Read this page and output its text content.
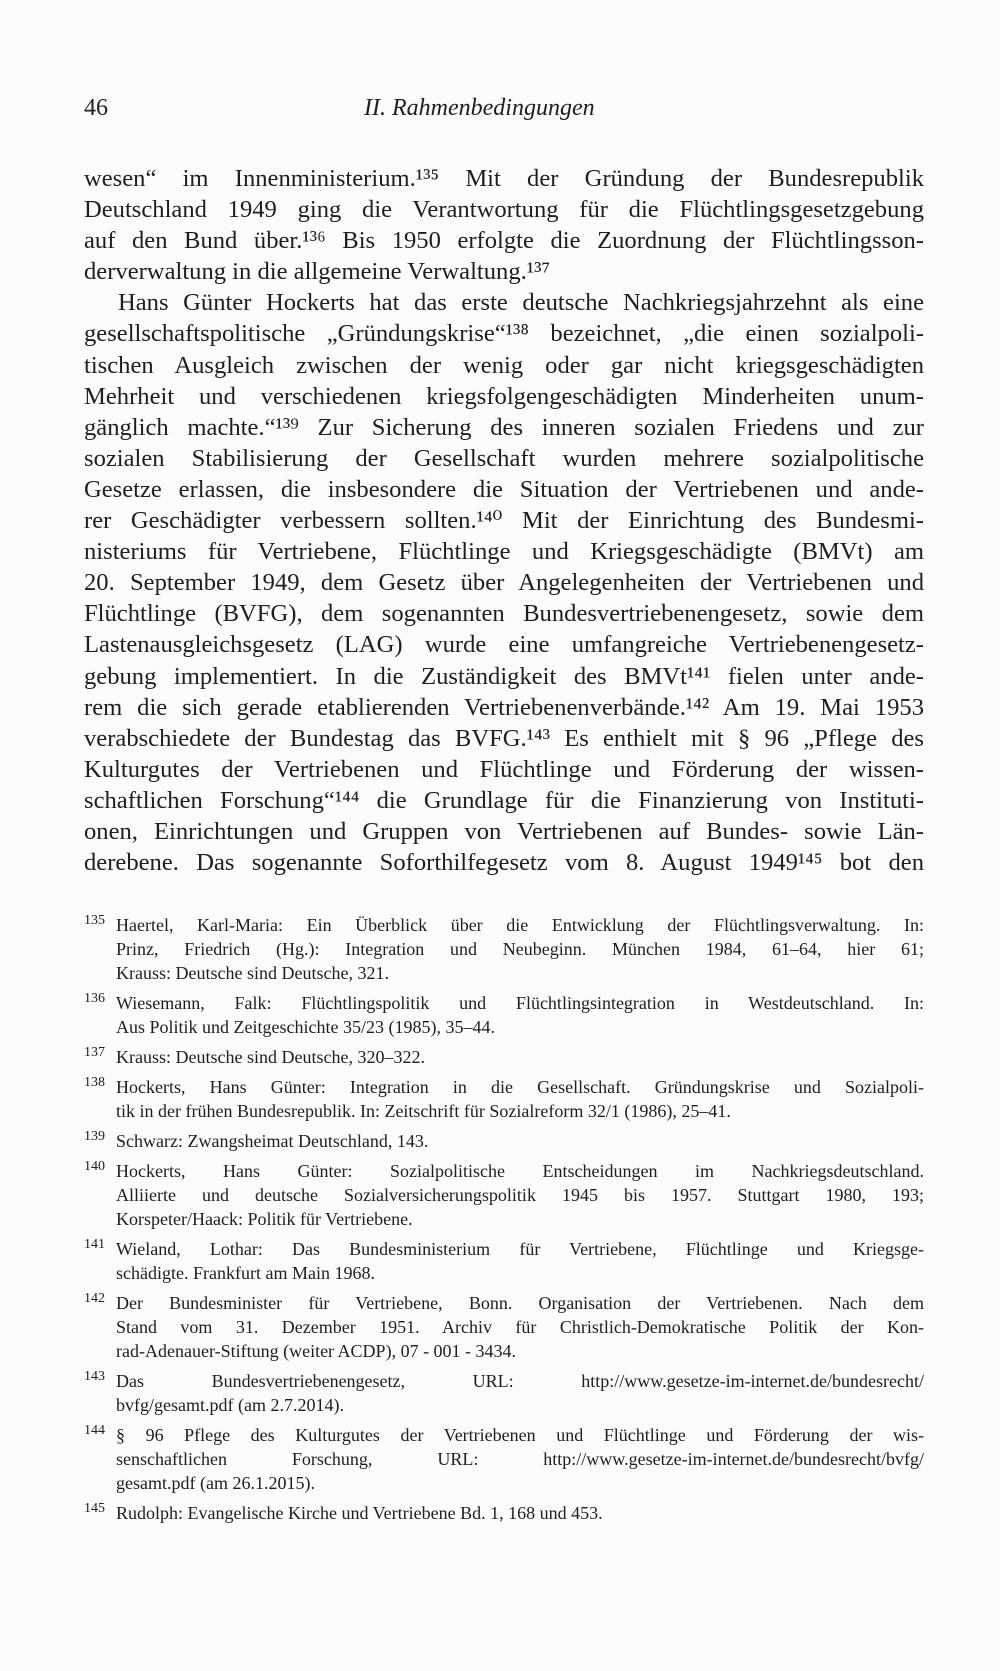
46	II. Rahmenbedingungen
wesen“ im Innenministerium.¹³⁵ Mit der Gründung der Bundesrepublik
Deutschland 1949 ging die Verantwortung für die Flüchtlingsgesetzgebung
auf den Bund über.¹³⁶ Bis 1950 erfolgte die Zuordnung der Flüchtlingsson-
derverwaltung in die allgemeine Verwaltung.¹³⁷
Hans Günter Hockerts hat das erste deutsche Nachkriegsjahrzehnt als eine
gesellschaftspolitische „Gründungskrise“¹³⁸ bezeichnet, „die einen sozialpoli-
tischen Ausgleich zwischen der wenig oder gar nicht kriegsgeschädigten
Mehrheit und verschiedenen kriegsfolgengeschädigten Minderheiten unum-
gänglich machte.“¹³⁹ Zur Sicherung des inneren sozialen Friedens und zur
sozialen Stabilisierung der Gesellschaft wurden mehrere sozialpolitische
Gesetze erlassen, die insbesondere die Situation der Vertriebenen und ande-
rer Geschädigter verbessern sollten.¹⁴⁰ Mit der Einrichtung des Bundesmi-
nisteriums für Vertriebene, Flüchtlinge und Kriegsgeschädigte (BMVt) am
20. September 1949, dem Gesetz über Angelegenheiten der Vertriebenen und
Flüchtlinge (BVFG), dem sogenannten Bundesvertriebenengesetz, sowie dem
Lastenausgleichsgesetz (LAG) wurde eine umfangreiche Vertriebenengesetz-
gebung implementiert. In die Zuständigkeit des BMVt¹⁴¹ fielen unter ande-
rem die sich gerade etablierenden Vertriebenenverbände.¹⁴² Am 19. Mai 1953
verabschiedete der Bundestag das BVFG.¹⁴³ Es enthielt mit § 96 „Pflege des
Kulturgutes der Vertriebenen und Flüchtlinge und Förderung der wissen-
schaftlichen Forschung“¹⁴⁴ die Grundlage für die Finanzierung von Instituti-
onen, Einrichtungen und Gruppen von Vertriebenen auf Bundes- sowie Län-
derebene. Das sogenannte Soforthilfegesetz vom 8. August 1949¹⁴⁵ bot den
135 Haertel, Karl-Maria: Ein Überblick über die Entwicklung der Flüchtlingsverwaltung. In:
Prinz, Friedrich (Hg.): Integration und Neubeginn. München 1984, 61–64, hier 61;
Krauss: Deutsche sind Deutsche, 321.
136 Wiesemann, Falk: Flüchtlingspolitik und Flüchtlingsintegration in Westdeutschland. In:
Aus Politik und Zeitgeschichte 35/23 (1985), 35–44.
137 Krauss: Deutsche sind Deutsche, 320–322.
138 Hockerts, Hans Günter: Integration in die Gesellschaft. Gründungskrise und Sozialpoli-
tik in der frühen Bundesrepublik. In: Zeitschrift für Sozialreform 32/1 (1986), 25–41.
139 Schwarz: Zwangsheimat Deutschland, 143.
140 Hockerts, Hans Günter: Sozialpolitische Entscheidungen im Nachkriegsdeutschland.
Alliierte und deutsche Sozialversicherungspolitik 1945 bis 1957. Stuttgart 1980, 193;
Korspeter/Haack: Politik für Vertriebene.
141 Wieland, Lothar: Das Bundesministerium für Vertriebene, Flüchtlinge und Kriegsge-
schädigte. Frankfurt am Main 1968.
142 Der Bundesminister für Vertriebene, Bonn. Organisation der Vertriebenen. Nach dem
Stand vom 31. Dezember 1951. Archiv für Christlich-Demokratische Politik der Kon-
rad-Adenauer-Stiftung (weiter ACDP), 07 - 001 - 3434.
143 Das Bundesvertriebenengesetz, URL: http://www.gesetze-im-internet.de/bundesrecht/
bvfg/gesamt.pdf (am 2.7.2014).
144 § 96 Pflege des Kulturgutes der Vertriebenen und Flüchtlinge und Förderung der wis-
senschaftlichen Forschung, URL: http://www.gesetze-im-internet.de/bundesrecht/bvfg/
gesamt.pdf (am 26.1.2015).
145 Rudolph: Evangelische Kirche und Vertriebene Bd. 1, 168 und 453.
